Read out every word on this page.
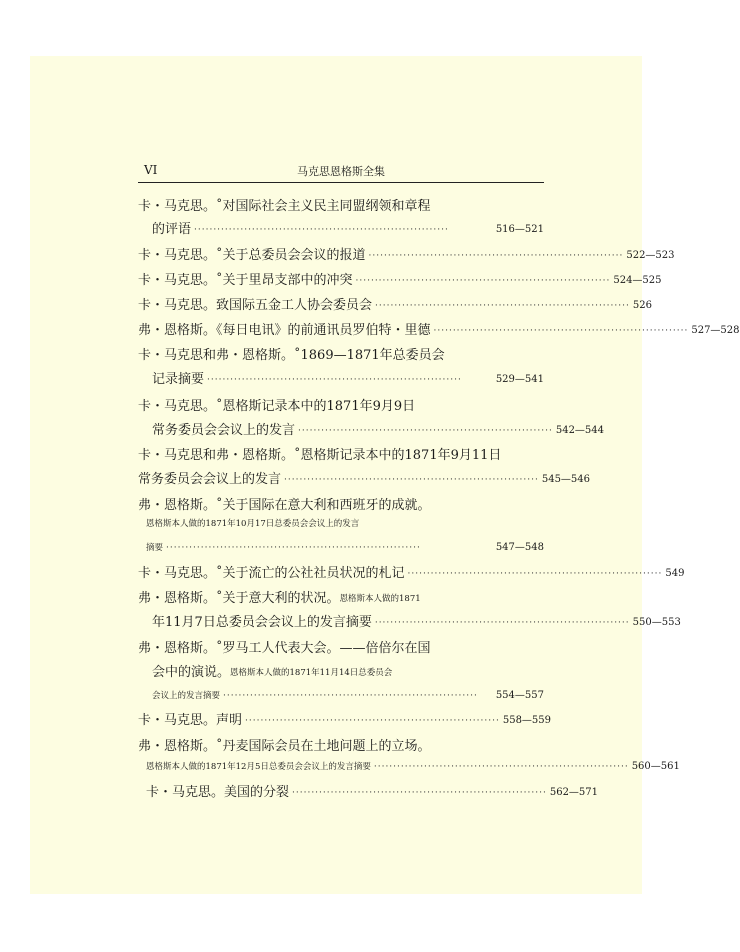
VI	马克思恩格斯全集
卡・马克思。˚对国际社会主义民主同盟纲领和章程
的评语 ··································································	516—521
卡・马克思。˚关于总委员会会议的报道 ·································································· 522—523
卡・马克思。˚关于里昂支部中的冲突 ·································································· 524—525
卡・马克思。致国际五金工人协会委员会 ·································································· 526
弗・恩格斯。《每日电讯》的前通讯员罗伯特・里德 ·································································· 527—528
卡・马克思和弗・恩格斯。˚1869—1871年总委员会
记录摘要 ··································································	529—541
卡・马克思。˚恩格斯记录本中的1871年9月9日
常务委员会会议上的发言 ·································································· 542—544
卡・马克思和弗・恩格斯。˚恩格斯记录本中的1871年9月11日
常务委员会会议上的发言 ·································································· 545—546
弗・恩格斯。˚关于国际在意大利和西班牙的成就。
恩格斯本人做的1871年10月17日总委员会会议上的发言
摘要 ··································································	547—548
卡・马克思。˚关于流亡的公社社员状况的札记 ·································································· 549
弗・恩格斯。˚关于意大利的状况。 恩格斯本人做的1871
年11月7日总委员会会议上的发言摘要 ·································································· 550—553
弗・恩格斯。˚罗马工人代表大会。——倍倍尔在国
会中的演说。 恩格斯本人做的1871年11月14日总委员会
会议上的发言摘要 ··································································	554—557
卡・马克思。声明 ·································································· 558—559
弗・恩格斯。˚丹麦国际会员在土地问题上的立场。
恩格斯本人做的1871年12月5日总委员会会议上的发言摘要 ·································································· 560—561
卡・马克思。美国的分裂 ·································································· 562—571
